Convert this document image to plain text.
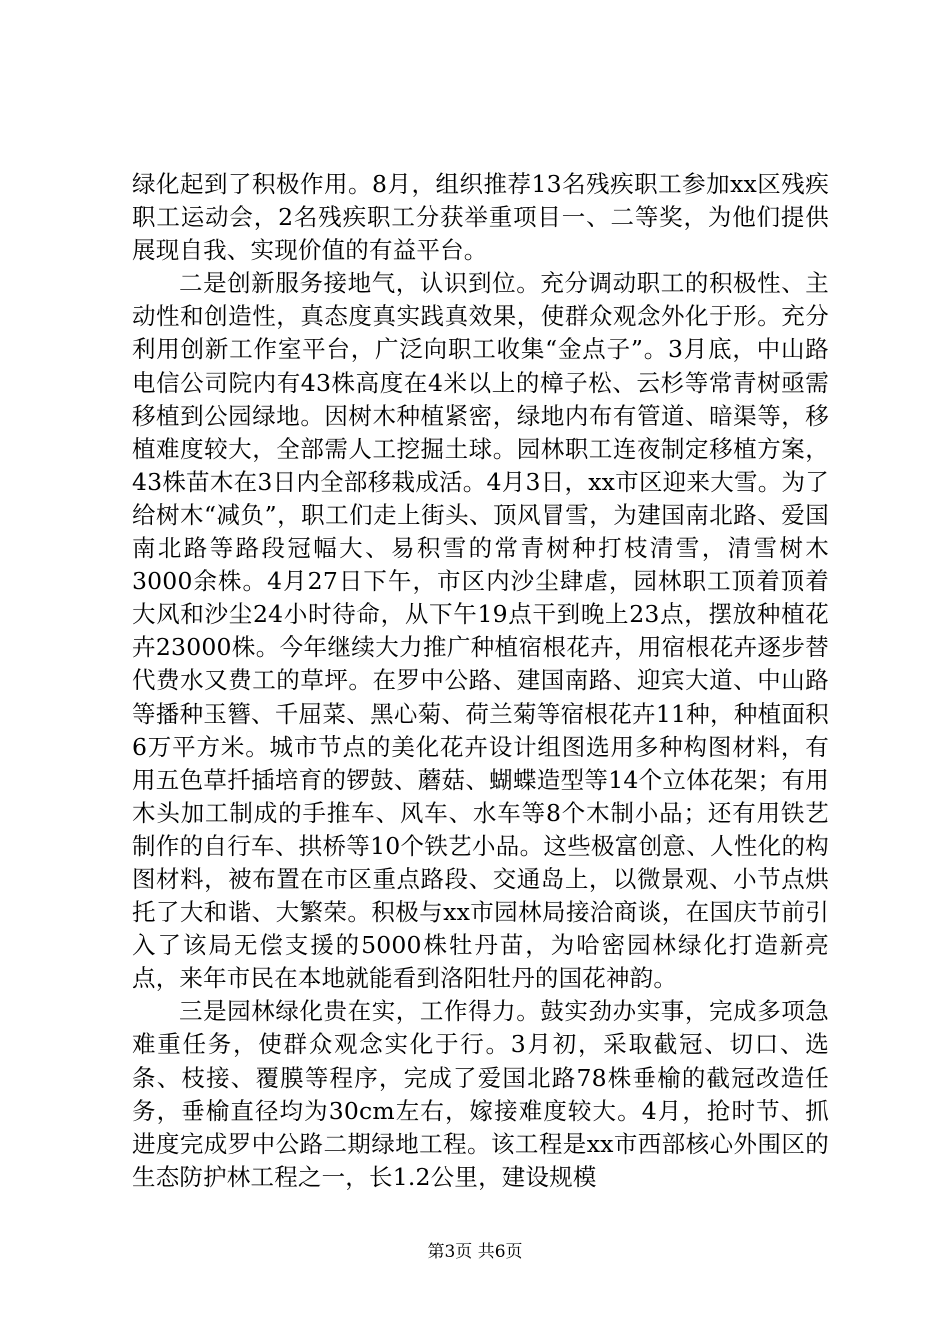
绿化起到了积极作用。8月，组织推荐13名残疾职工参加xx区残疾职工运动会，2名残疾职工分获举重项目一、二等奖，为他们提供展现自我、实现价值的有益平台。

二是创新服务接地气，认识到位。充分调动职工的积极性、主动性和创造性，真态度真实践真效果，使群众观念外化于形。充分利用创新工作室平台，广泛向职工收集“金点子”。3月底，中山路电信公司院内有43株高度在4米以上的樟子松、云杉等常青树亟需移植到公园绿地。因树木种植紧密，绿地内布有管道、暗渠等，移植难度较大，全部需人工挖掘土球。园林职工连夜制定移植方案，43株苗木在3日内全部移栽成活。4月3日，xx市区迎来大雪。为了给树木“减负”，职工们走上街头、顶风冒雪，为建国南北路、爱国南北路等路段冠幅大、易积雪的常青树种打枝清雪，清雪树木3000余株。4月27日下午，市区内沙尘肆虐，园林职工顶着顶着大风和沙尘24小时待命，从下午19点干到晚上23点，摆放种植花卉23000株。今年继续大力推广种植宿根花卉，用宿根花卉逐步替代费水又费工的草坪。在罗中公路、建国南路、迎宾大道、中山路等播种玉簪、千屈菜、黑心菊、荷兰菊等宿根花卉11种，种植面积6万平方米。城市节点的美化花卉设计组图选用多种构图材料，有用五色草扦插培育的锣鼓、蘑菇、蝴蝶造型等14个立体花架；有用木头加工制成的手推车、风车、水车等8个木制小品；还有用铁艺制作的自行车、拱桥等10个铁艺小品。这些极富创意、人性化的构图材料，被布置在市区重点路段、交通岛上，以微景观、小节点烘托了大和谐、大繁荣。积极与xx市园林局接洽商谈，在国庆节前引入了该局无偿支援的5000株牡丹苗，为哈密园林绿化打造新亮点，来年市民在本地就能看到洛阳牡丹的国花神韵。

三是园林绿化贵在实，工作得力。鼓实劲办实事，完成多项急难重任务，使群众观念实化于行。3月初，采取截冠、切口、选条、枝接、覆膜等程序，完成了爱国北路78株垂榆的截冠改造任务，垂榆直径均为30cm左右，嫁接难度较大。4月，抢时节、抓进度完成罗中公路二期绿地工程。该工程是xx市西部核心外围区的生态防护林工程之一，长1.2公里，建设规模

第3页 共6页
